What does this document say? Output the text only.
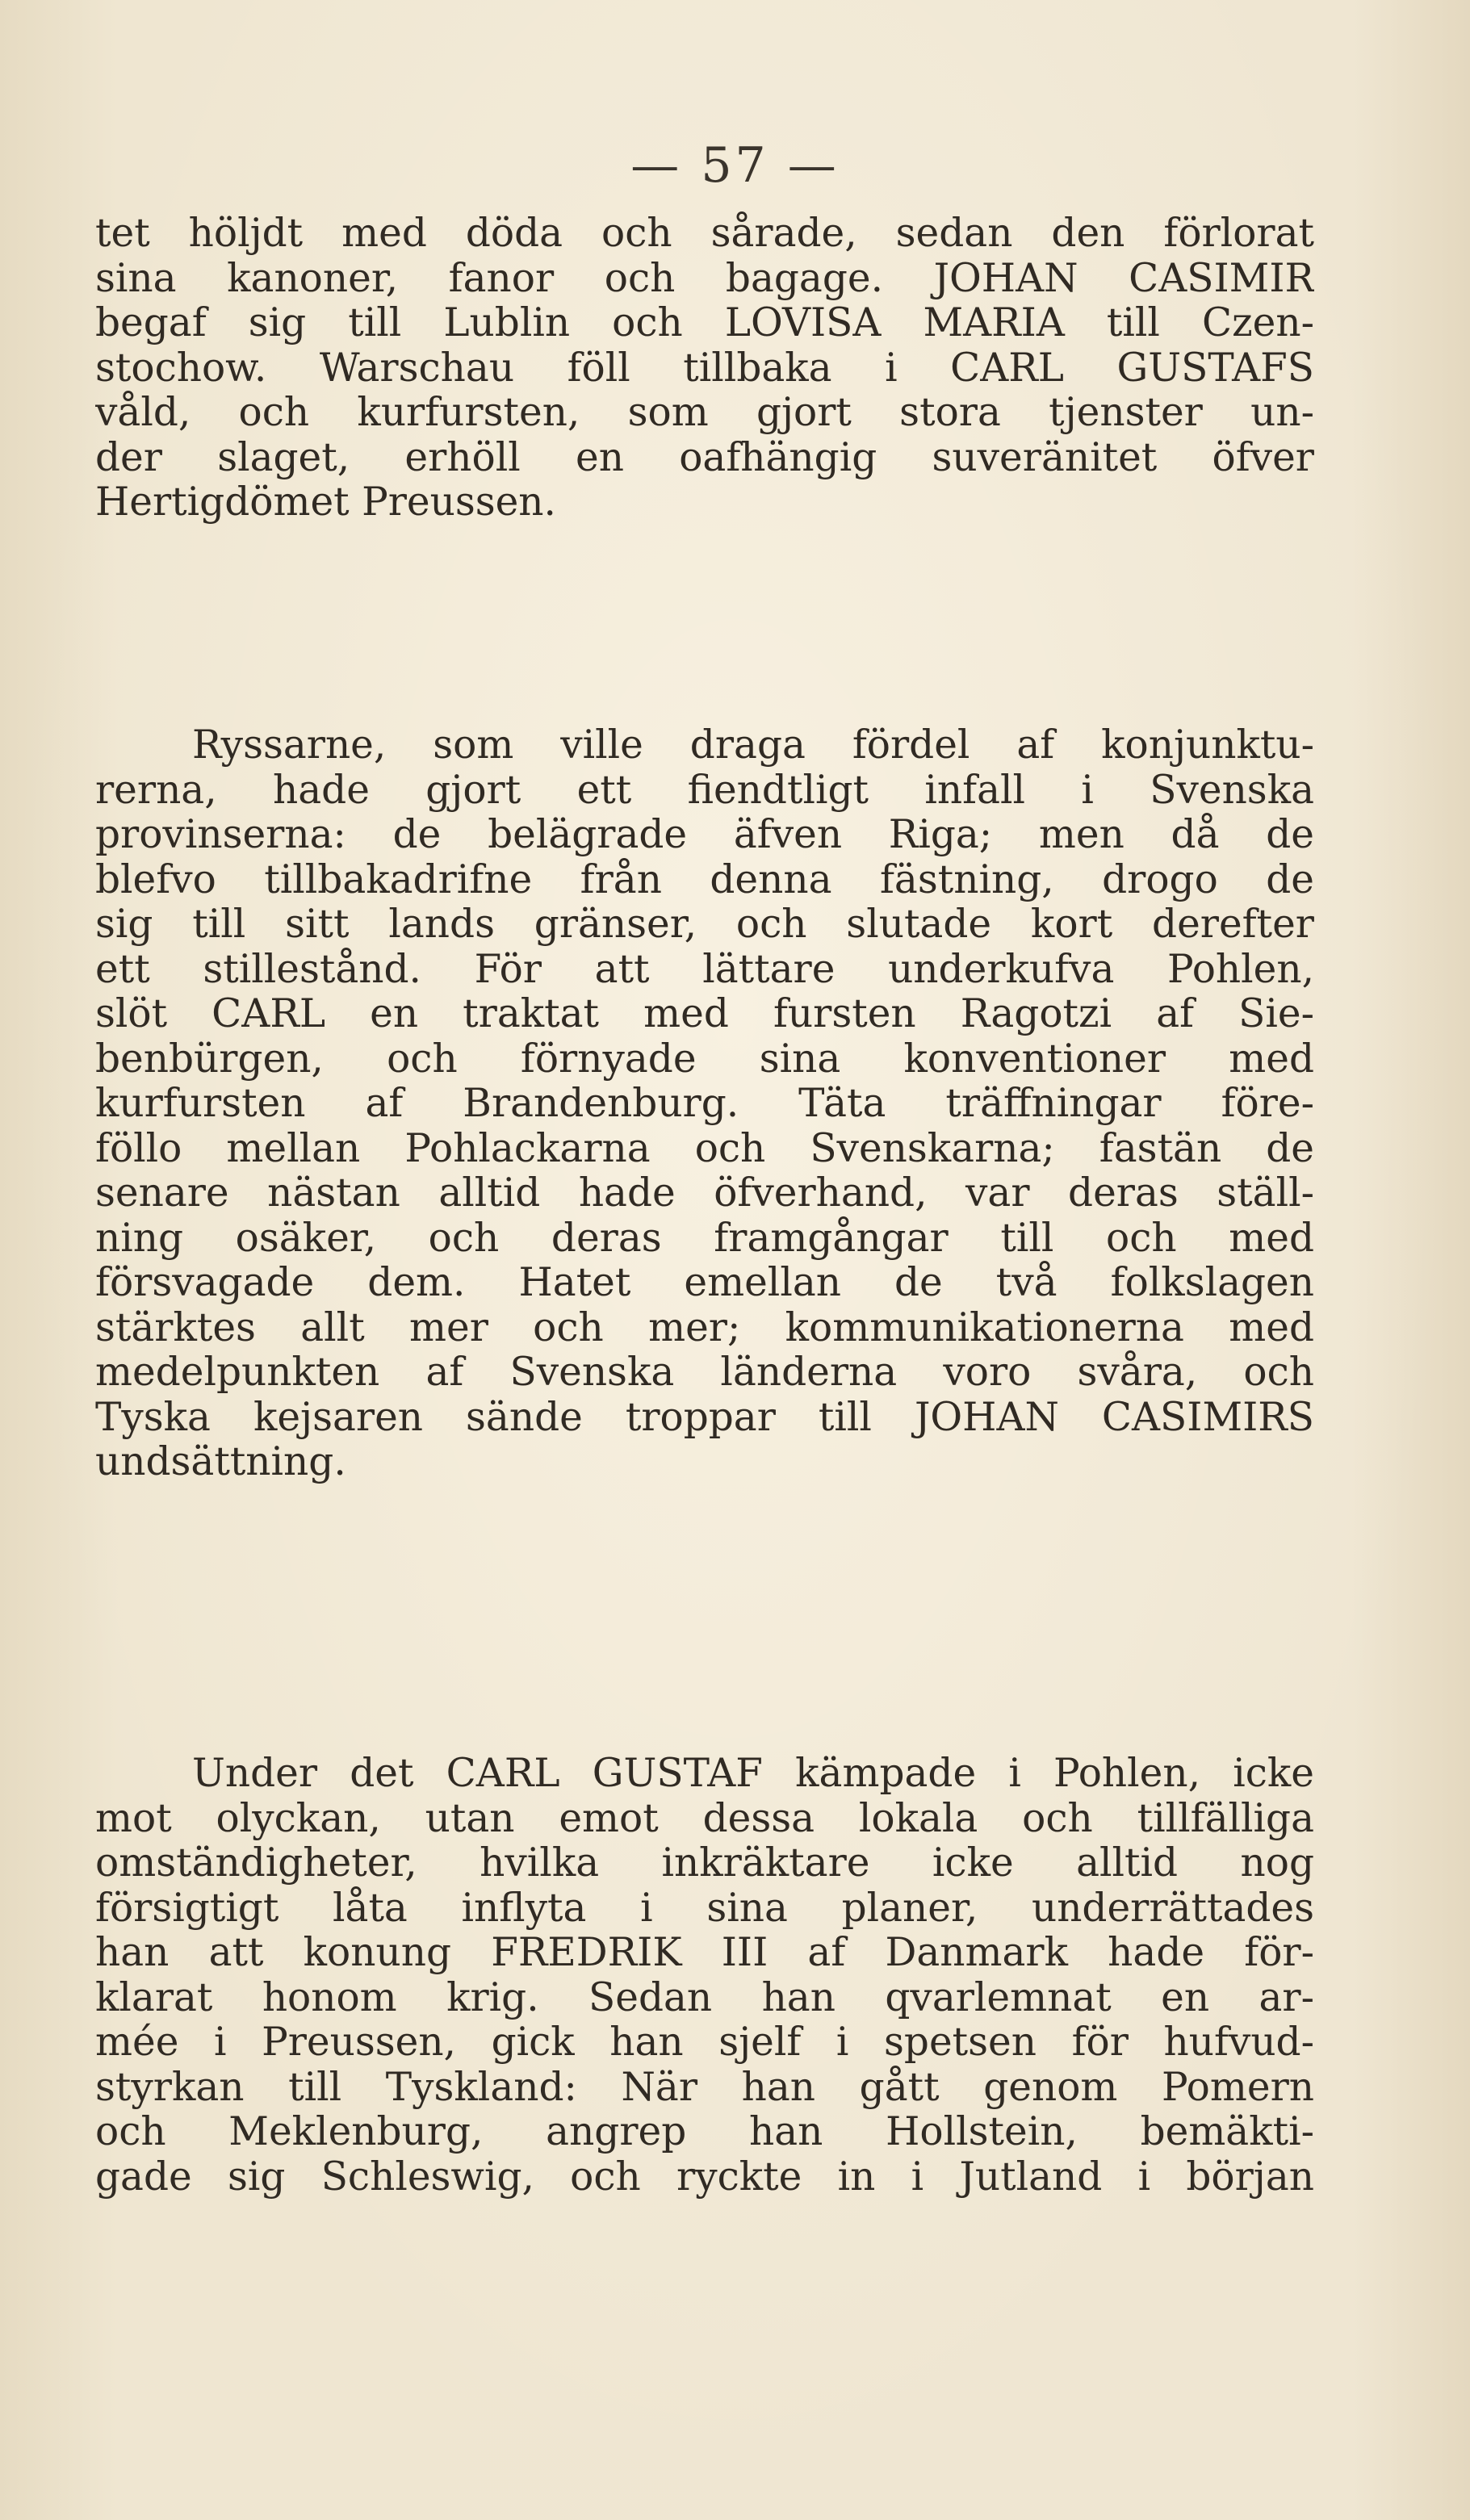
— 57 —
tet höljdt med döda och sårade, sedan den förlorat
sina kanoner, fanor och bagage. JOHAN CASIMIR
begaf sig till Lublin och LOVISA MARIA till Czen-
stochow. Warschau föll tillbaka i CARL GUSTAFS
våld, och kurfursten, som gjort stora tjenster un-
der slaget, erhöll en oafhängig suveränitet öfver
Hertigdömet Preussen.
Ryssarne, som ville draga fördel af konjunktu-
rerna, hade gjort ett fiendtligt infall i Svenska
provinserna: de belägrade äfven Riga; men då de
blefvo tillbakadrifne från denna fästning, drogo de
sig till sitt lands gränser, och slutade kort derefter
ett stillestånd. För att lättare underkufva Pohlen,
slöt CARL en traktat med fursten Ragotzi af Sie-
benbürgen, och förnyade sina konventioner med
kurfursten af Brandenburg. Täta träffningar före-
föllo mellan Pohlackarna och Svenskarna; fastän de
senare nästan alltid hade öfverhand, var deras ställ-
ning osäker, och deras framgångar till och med
försvagade dem. Hatet emellan de två folkslagen
stärktes allt mer och mer; kommunikationerna med
medelpunkten af Svenska länderna voro svåra, och
Tyska kejsaren sände troppar till JOHAN CASIMIRS
undsättning.
Under det CARL GUSTAF kämpade i Pohlen, icke
mot olyckan, utan emot dessa lokala och tillfälliga
omständigheter, hvilka inkräktare icke alltid nog
försigtigt låta inflyta i sina planer, underrättades
han att konung FREDRIK III af Danmark hade för-
klarat honom krig. Sedan han qvarlemnat en ar-
mée i Preussen, gick han sjelf i spetsen för hufvud-
styrkan till Tyskland: När han gått genom Pomern
och Meklenburg, angrep han Hollstein, bemäkti-
gade sig Schleswig, och ryckte in i Jutland i början
